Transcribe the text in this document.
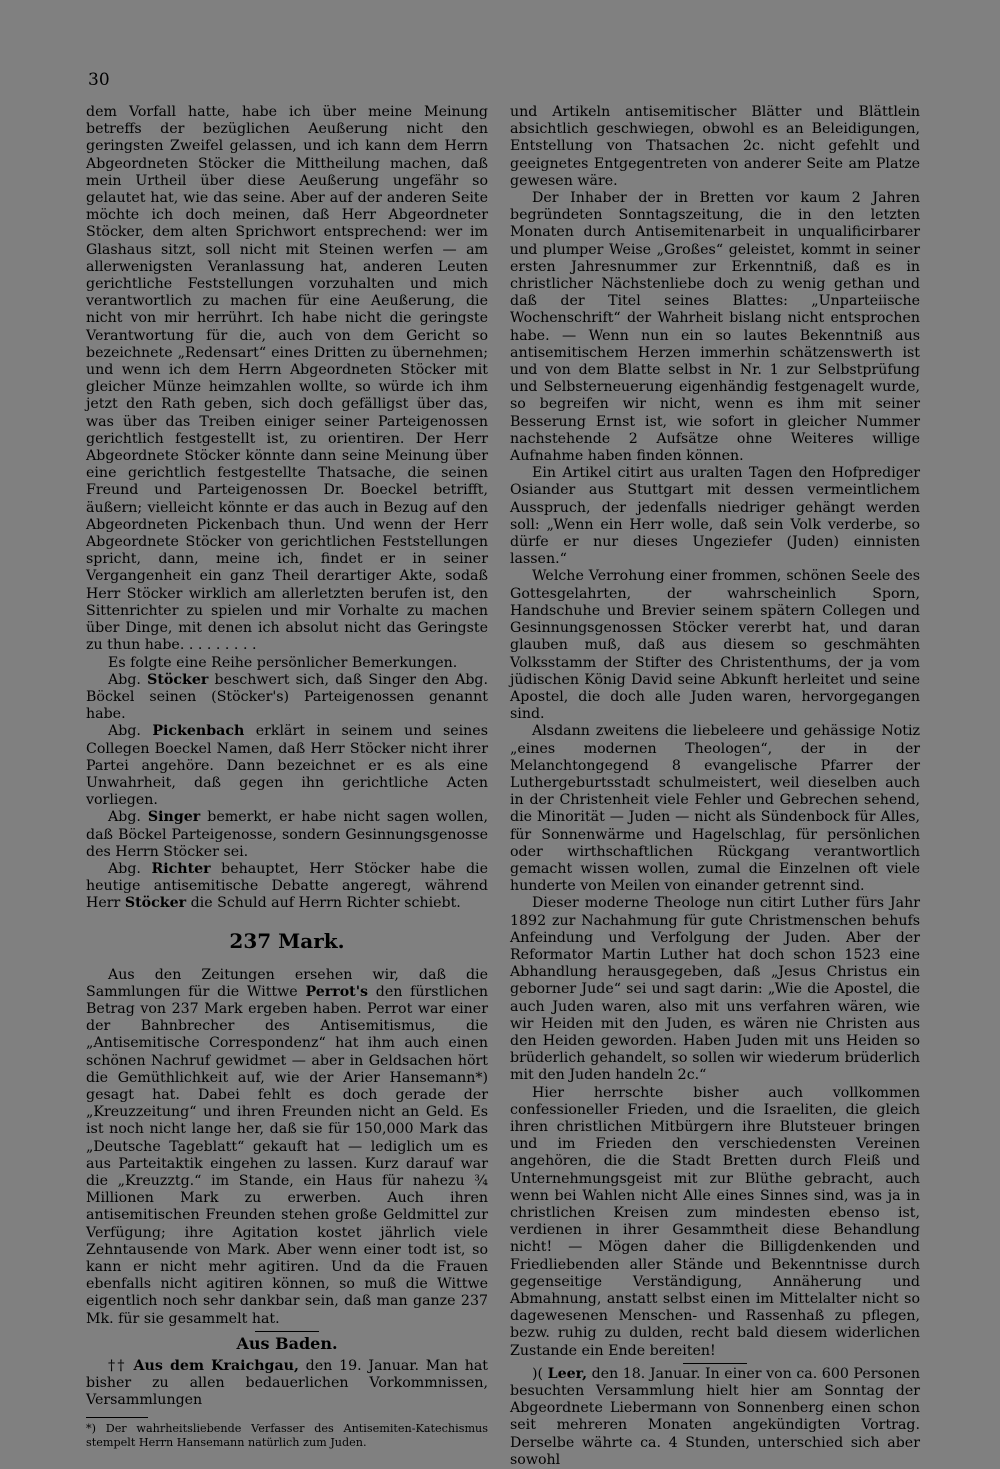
30

dem Vorfall hatte, habe ich über meine Meinung betreffs der bezüglichen Aeußerung nicht den geringsten Zweifel gelassen, und ich kann dem Herrn Abgeordneten Stöcker die Mittheilung machen, daß mein Urtheil über diese Aeußerung ungefähr so gelautet hat, wie das seine. Aber auf der anderen Seite möchte ich doch meinen, daß Herr Abgeordneter Stöcker, dem alten Sprichwort entsprechend: wer im Glashaus sitzt, soll nicht mit Steinen werfen — am allerwenigsten Veranlassung hat, anderen Leuten gerichtliche Feststellungen vorzuhalten und mich verantwortlich zu machen für eine Aeußerung, die nicht von mir herrührt. Ich habe nicht die geringste Verantwortung für die, auch von dem Gericht so bezeichnete „Redensart“ eines Dritten zu übernehmen; und wenn ich dem Herrn Abgeordneten Stöcker mit gleicher Münze heimzahlen wollte, so würde ich ihm jetzt den Rath geben, sich doch gefälligst über das, was über das Treiben einiger seiner Parteigenossen gerichtlich festgestellt ist, zu orientiren. Der Herr Abgeordnete Stöcker könnte dann seine Meinung über eine gerichtlich festgestellte Thatsache, die seinen Freund und Parteigenossen Dr. Boeckel betrifft, äußern; vielleicht könnte er das auch in Bezug auf den Abgeordneten Pickenbach thun. Und wenn der Herr Abgeordnete Stöcker von gerichtlichen Feststellungen spricht, dann, meine ich, findet er in seiner Vergangenheit ein ganz Theil derartiger Akte, sodaß Herr Stöcker wirklich am allerletzten berufen ist, den Sittenrichter zu spielen und mir Vorhalte zu machen über Dinge, mit denen ich absolut nicht das Geringste zu thun habe. . . . . . . . .

Es folgte eine Reihe persönlicher Bemerkungen.

Abg. Stöcker beschwert sich, daß Singer den Abg. Böckel seinen (Stöcker's) Parteigenossen genannt habe.

Abg. Pickenbach erklärt in seinem und seines Collegen Boeckel Namen, daß Herr Stöcker nicht ihrer Partei angehöre. Dann bezeichnet er es als eine Unwahrheit, daß gegen ihn gerichtliche Acten vorliegen.

Abg. Singer bemerkt, er habe nicht sagen wollen, daß Böckel Parteigenosse, sondern Gesinnungsgenosse des Herrn Stöcker sei.

Abg. Richter behauptet, Herr Stöcker habe die heutige antisemitische Debatte angeregt, während Herr Stöcker die Schuld auf Herrn Richter schiebt.

237 Mark.

Aus den Zeitungen ersehen wir, daß die Sammlungen für die Wittwe Perrot's den fürstlichen Betrag von 237 Mark ergeben haben. Perrot war einer der Bahnbrecher des Antisemitismus, die „Antisemitische Correspondenz“ hat ihm auch einen schönen Nachruf gewidmet — aber in Geldsachen hört die Gemüthlichkeit auf, wie der Arier Hansemann*) gesagt hat. Dabei fehlt es doch gerade der „Kreuzzeitung“ und ihren Freunden nicht an Geld. Es ist noch nicht lange her, daß sie für 150,000 Mark das „Deutsche Tageblatt“ gekauft hat — lediglich um es aus Parteitaktik eingehen zu lassen. Kurz darauf war die „Kreuzztg.“ im Stande, ein Haus für nahezu ¾ Millionen Mark zu erwerben. Auch ihren antisemitischen Freunden stehen große Geldmittel zur Verfügung; ihre Agitation kostet jährlich viele Zehntausende von Mark. Aber wenn einer todt ist, so kann er nicht mehr agitiren. Und da die Frauen ebenfalls nicht agitiren können, so muß die Wittwe eigentlich noch sehr dankbar sein, daß man ganze 237 Mk. für sie gesammelt hat.

Aus Baden.

†† Aus dem Kraichgau, den 19. Januar. Man hat bisher zu allen bedauerlichen Vorkommnissen, Versammlungen

*) Der wahrheitsliebende Verfasser des Antisemiten-Katechismus stempelt Herrn Hansemann natürlich zum Juden.

und Artikeln antisemitischer Blätter und Blättlein absichtlich geschwiegen, obwohl es an Beleidigungen, Entstellung von Thatsachen 2c. nicht gefehlt und geeignetes Entgegentreten von anderer Seite am Platze gewesen wäre.

Der Inhaber der in Bretten vor kaum 2 Jahren begründeten Sonntagszeitung, die in den letzten Monaten durch Antisemitenarbeit in unqualificirbarer und plumper Weise „Großes“ geleistet, kommt in seiner ersten Jahresnummer zur Erkenntniß, daß es in christlicher Nächstenliebe doch zu wenig gethan und daß der Titel seines Blattes: „Unparteiische Wochenschrift“ der Wahrheit bislang nicht entsprochen habe. — Wenn nun ein so lautes Bekenntniß aus antisemitischem Herzen immerhin schätzenswerth ist und von dem Blatte selbst in Nr. 1 zur Selbstprüfung und Selbsterneuerung eigenhändig festgenagelt wurde, so begreifen wir nicht, wenn es ihm mit seiner Besserung Ernst ist, wie sofort in gleicher Nummer nachstehende 2 Aufsätze ohne Weiteres willige Aufnahme haben finden können.

Ein Artikel citirt aus uralten Tagen den Hofprediger Osiander aus Stuttgart mit dessen vermeintlichem Ausspruch, der jedenfalls niedriger gehängt werden soll: „Wenn ein Herr wolle, daß sein Volk verderbe, so dürfe er nur dieses Ungeziefer (Juden) einnisten lassen.“

Welche Verrohung einer frommen, schönen Seele des Gottesgelahrten, der wahrscheinlich Sporn, Handschuhe und Brevier seinem spätern Collegen und Gesinnungsgenossen Stöcker vererbt hat, und daran glauben muß, daß aus diesem so geschmähten Volksstamm der Stifter des Christenthums, der ja vom jüdischen König David seine Abkunft herleitet und seine Apostel, die doch alle Juden waren, hervorgegangen sind.

Alsdann zweitens die liebeleere und gehässige Notiz „eines modernen Theologen“, der in der Melanchtongegend 8 evangelische Pfarrer der Luthergeburtsstadt schulmeistert, weil dieselben auch in der Christenheit viele Fehler und Gebrechen sehend, die Minorität — Juden — nicht als Sündenbock für Alles, für Sonnenwärme und Hagelschlag, für persönlichen oder wirthschaftlichen Rückgang verantwortlich gemacht wissen wollen, zumal die Einzelnen oft viele hunderte von Meilen von einander getrennt sind.

Dieser moderne Theologe nun citirt Luther fürs Jahr 1892 zur Nachahmung für gute Christmenschen behufs Anfeindung und Verfolgung der Juden. Aber der Reformator Martin Luther hat doch schon 1523 eine Abhandlung herausgegeben, daß „Jesus Christus ein geborner Jude“ sei und sagt darin: „Wie die Apostel, die auch Juden waren, also mit uns verfahren wären, wie wir Heiden mit den Juden, es wären nie Christen aus den Heiden geworden. Haben Juden mit uns Heiden so brüderlich gehandelt, so sollen wir wiederum brüderlich mit den Juden handeln 2c.“

Hier herrschte bisher auch vollkommen confessioneller Frieden, und die Israeliten, die gleich ihren christlichen Mitbürgern ihre Blutsteuer bringen und im Frieden den verschiedensten Vereinen angehören, die die Stadt Bretten durch Fleiß und Unternehmungsgeist mit zur Blüthe gebracht, auch wenn bei Wahlen nicht Alle eines Sinnes sind, was ja in christlichen Kreisen zum mindesten ebenso ist, verdienen in ihrer Gesammtheit diese Behandlung nicht! — Mögen daher die Billigdenkenden und Friedliebenden aller Stände und Bekenntnisse durch gegenseitige Verständigung, Annäherung und Abmahnung, anstatt selbst einen im Mittelalter nicht so dagewesenen Menschen- und Rassenhaß zu pflegen, bezw. ruhig zu dulden, recht bald diesem widerlichen Zustande ein Ende bereiten!

)( Leer, den 18. Januar. In einer von ca. 600 Personen besuchten Versammlung hielt hier am Sonntag der Abgeordnete Liebermann von Sonnenberg einen schon seit mehreren Monaten angekündigten Vortrag. Derselbe währte ca. 4 Stunden, unterschied sich aber sowohl
